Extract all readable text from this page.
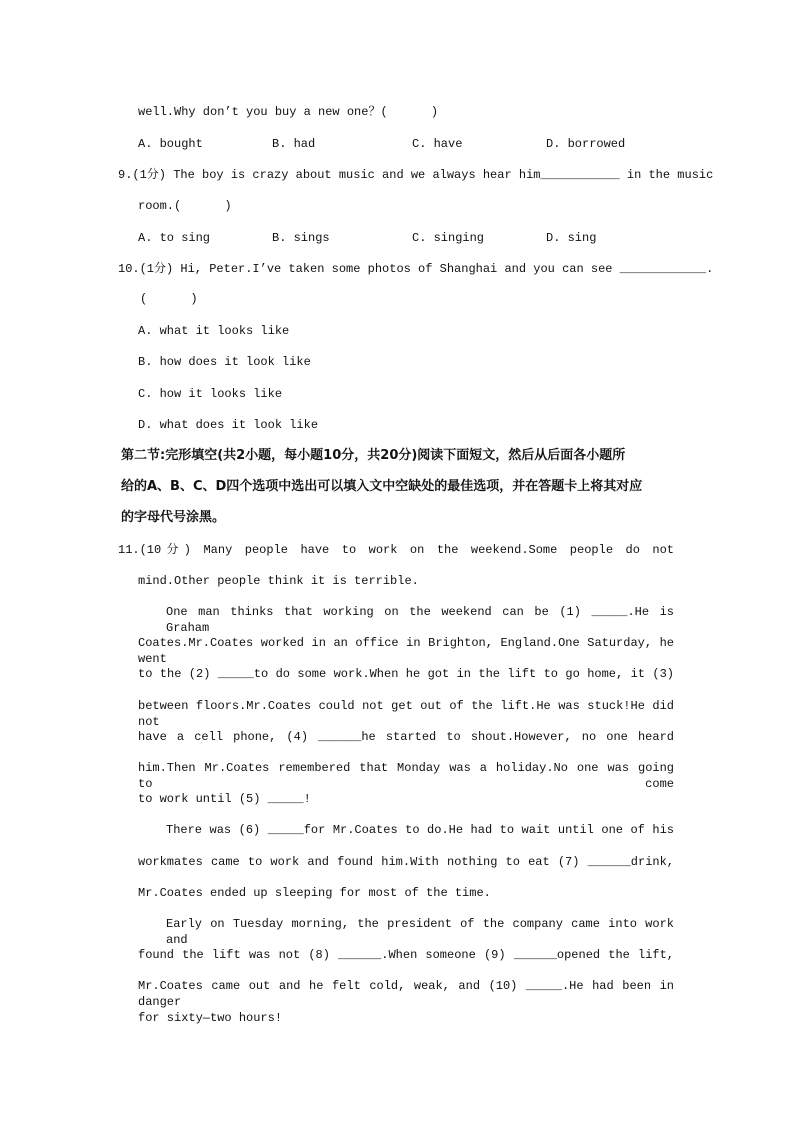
well.Why don’t you buy a new one？(      )
A. bought	B. had	C. have	D. borrowed
9.(1分) The boy is crazy about music and we always hear him___________ in the music
room.(      )
A. to sing	B. sings	C. singing	D. sing
10.(1分) Hi, Peter.I’ve taken some photos of Shanghai and you can see ____________.
(      )
A. what it looks like
B. how does it look like
C. how it looks like
D. what does it look like
第二节:完形填空(共2小题，每小题10分，共20分)阅读下面短文，然后从后面各小题所
给的A、B、C、D四个选项中选出可以填入文中空缺处的最佳选项，并在答题卡上将其对应
的字母代号涂黑。
11.(10分) Many people have to work on the weekend.Some people do not
mind.Other people think it is terrible.
One man thinks that working on the weekend can be (1) _____.He is Graham
Coates.Mr.Coates worked in an office in Brighton, England.One Saturday, he went
to the (2) _____to do some work.When he got in the lift to go home, it (3)
between floors.Mr.Coates could not get out of the lift.He was stuck!He did not
have a cell phone, (4) ______he started to shout.However, no one heard
him.Then Mr.Coates remembered that Monday was a holiday.No one was going to come
to work until (5) _____!
There was (6) _____for Mr.Coates to do.He had to wait until one of his
workmates came to work and found him.With nothing to eat (7) ______drink,
Mr.Coates ended up sleeping for most of the time.
Early on Tuesday morning, the president of the company came into work and
found the lift was not (8) ______.When someone (9) ______opened the lift,
Mr.Coates came out and he felt cold, weak, and (10) _____.He had been in danger
for sixty—two hours!
